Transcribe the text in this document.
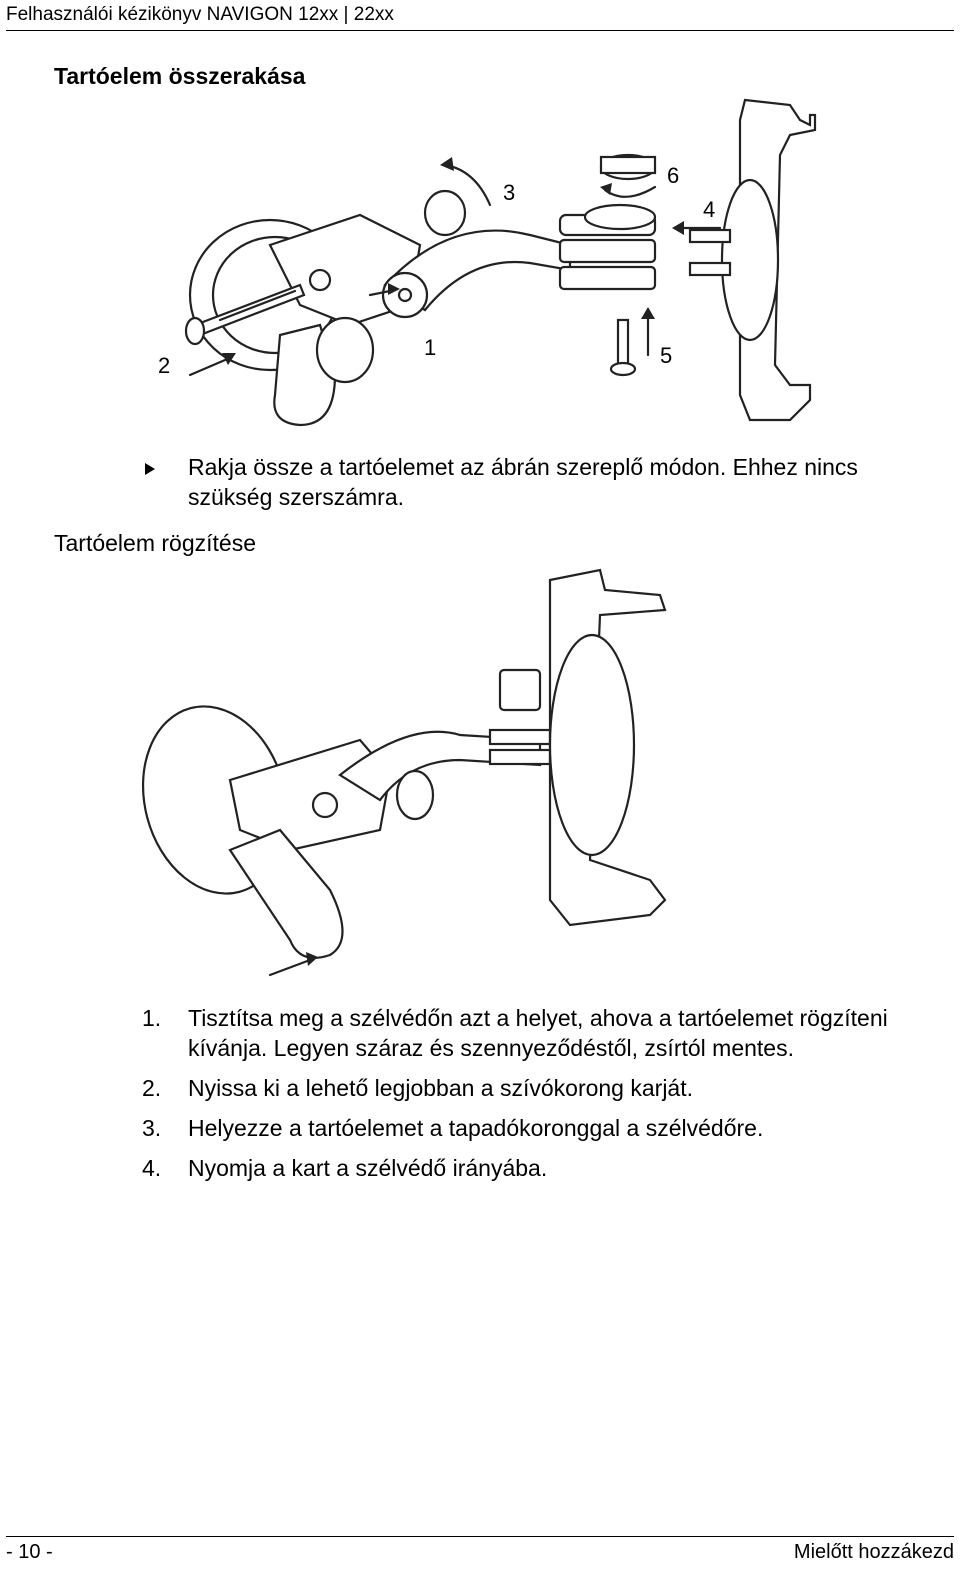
Felhasználói kézikönyv NAVIGON 12xx | 22xx
Tartóelem összerakása
1
2
3
4
5
6
Rakja össze a tartóelemet az ábrán szereplő módon. Ehhez nincs szükség szerszámra.
Tartóelem rögzítése
1. Tisztítsa meg a szélvédőn azt a helyet, ahova a tartóelemet rögzíteni kívánja. Legyen száraz és szennyeződéstől, zsírtól mentes.
2. Nyissa ki a lehető legjobban a szívókorong karját.
3. Helyezze a tartóelemet a tapadókoronggal a szélvédőre.
4. Nyomja a kart a szélvédő irányába.
- 10 -	Mielőtt hozzákezd
